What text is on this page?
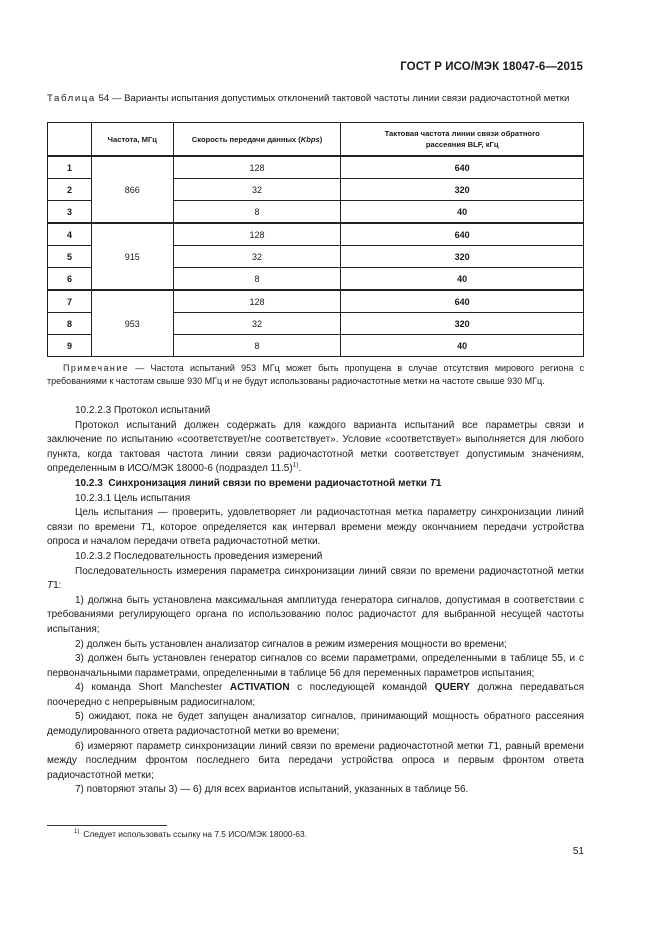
ГОСТ Р ИСО/МЭК 18047-6—2015
Таблица 54 — Варианты испытания допустимых отклонений тактовой частоты линии связи радиочастотной метки
	Частота, МГц	Скорость передачи данных (Kbps)	Тактовая частота линии связи обратного рассеяния BLF, кГц
1	866	128	640
2		32	320
3		8	40
4	915	128	640
5		32	320
6		8	40
7	953	128	640
8		32	320
9		8	40
Примечание — Частота испытаний 953 МГц может быть пропущена в случае отсутствия мирового региона с требованиями к частотам свыше 930 МГц и не будут использованы радиочастотные метки на частоте свыше 930 МГц.

10.2.2.3 Протокол испытаний

Протокол испытаний должен содержать для каждого варианта испытаний все параметры связи и заключение по испытанию «соответствует/не соответствует». Условие «соответствует» выполняется для любого пункта, когда тактовая частота линии связи радиочастотной метки соответствует допустимым значениям, определенным в ИСО/МЭК 18000-6 (подраздел 11.5)$^{1)}$.

10.2.3 Синхронизация линий связи по времени радиочастотной метки T1

10.2.3.1 Цель испытания

Цель испытания — проверить, удовлетворяет ли радиочастотная метка параметру синхронизации линий связи по времени T1, которое определяется как интервал времени между окончанием передачи устройства опроса и началом передачи ответа радиочастотной метки.

10.2.3.2 Последовательность проведения измерений

Последовательность измерения параметра синхронизации линий связи по времени радиочастотной метки T1:

1) должна быть установлена максимальная амплитуда генератора сигналов, допустимая в соответствии с требованиями регулирующего органа по использованию полос радиочастот для выбранной несущей частоты испытания;

2) должен быть установлен анализатор сигналов в режим измерения мощности во времени;

3) должен быть установлен генератор сигналов со всеми параметрами, определенными в таблице 55, и с первоначальными параметрами, определенными в таблице 56 для переменных параметров испытания;

4) команда Short Manchester ACTIVATION с последующей командой QUERY должна передаваться поочередно с непрерывным радиосигналом;

5) ожидают, пока не будет запущен анализатор сигналов, принимающий мощность обратного рассеяния демодулированного ответа радиочастотной метки во времени;

6) измеряют параметр синхронизации линий связи по времени радиочастотной метки T1, равный времени между последним фронтом последнего бита передачи устройства опроса и первым фронтом ответа радиочастотной метки;

7) повторяют этапы 3) — 6) для всех вариантов испытаний, указанных в таблице 56.

$^{1)}$ Следует использовать ссылку на 7.5 ИСО/МЭК 18000-63.
51
